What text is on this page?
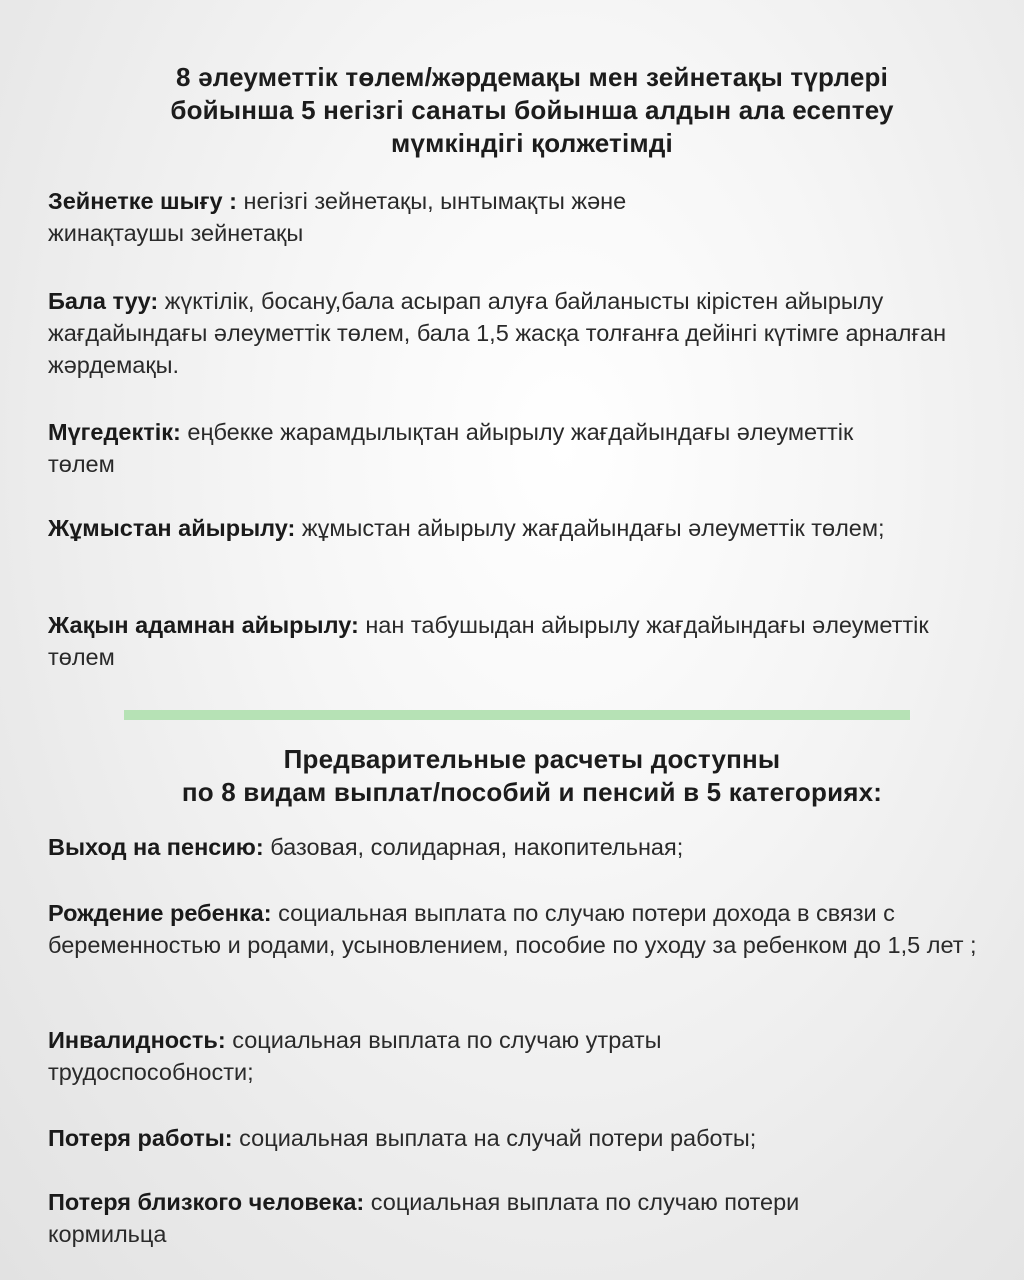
8 әлеуметтік төлем/жәрдемақы мен зейнетақы түрлері
бойынша 5 негізгі санаты бойынша алдын ала есептеу
мүмкіндігі қолжетімді

Зейнетке шығу : негізгі зейнетақы, ынтымақты және жинақтаушы зейнетақы

Бала туу: жүктілік, босану,бала асырап алуға байланысты кірістен айырылу жағдайындағы әлеуметтік төлем, бала 1,5 жасқа толғанға дейінгі күтімге арналған жәрдемақы.

Мүгедектік: еңбекке жарамдылықтан айырылу жағдайындағы әлеуметтік төлем

Жұмыстан айырылу: жұмыстан айырылу жағдайындағы әлеуметтік төлем;

Жақын адамнан айырылу: нан табушыдан айырылу жағдайындағы әлеуметтік төлем

Предварительные расчеты доступны
по 8 видам выплат/пособий и пенсий в 5 категориях:

Выход на пенсию: базовая, солидарная, накопительная;

Рождение ребенка: социальная выплата по случаю потери дохода в связи с беременностью и родами, усыновлением, пособие по уходу за ребенком до 1,5 лет ;

Инвалидность: социальная выплата по случаю утраты трудоспособности;

Потеря работы: социальная выплата на случай потери работы;

Потеря близкого человека: социальная выплата по случаю потери кормильца
